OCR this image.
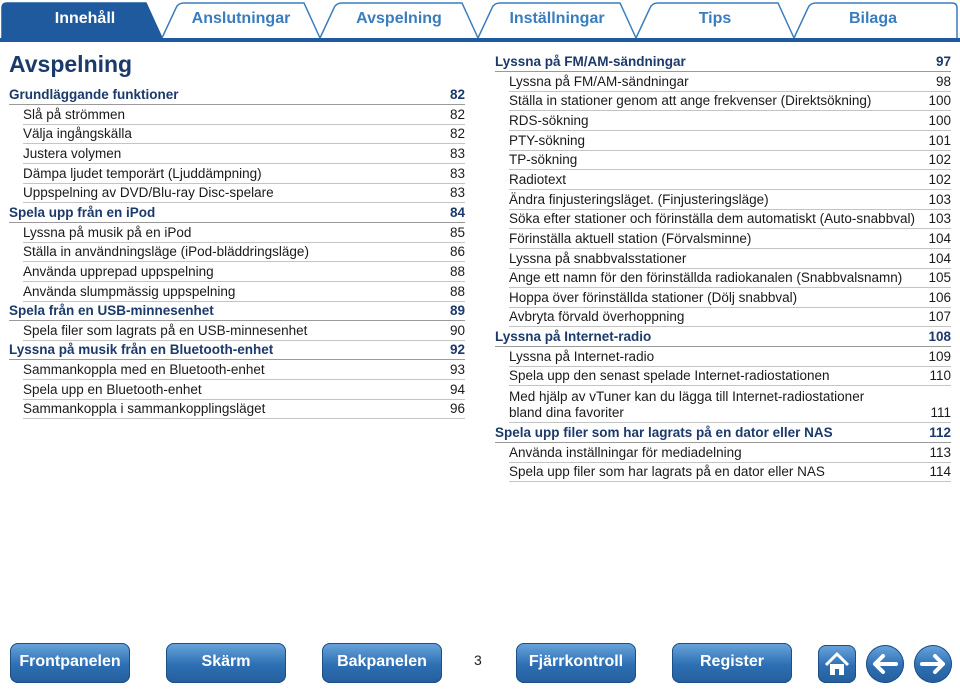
Innehåll	Anslutningar	Avspelning	Inställningar	Tips	Bilaga
Avspelning
Grundläggande funktioner	82
Slå på strömmen	82
Välja ingångskälla	82
Justera volymen	83
Dämpa ljudet temporärt (Ljuddämpning)	83
Uppspelning av DVD/Blu-ray Disc-spelare	83
Spela upp från en iPod	84
Lyssna på musik på en iPod	85
Ställa in användningsläge (iPod-bläddringsläge)	86
Använda upprepad uppspelning	88
Använda slumpmässig uppspelning	88
Spela från en USB-minnesenhet	89
Spela filer som lagrats på en USB-minnesenhet	90
Lyssna på musik från en Bluetooth-enhet	92
Sammankoppla med en Bluetooth-enhet	93
Spela upp en Bluetooth-enhet	94
Sammankoppla i sammankopplingsläget	96
Lyssna på FM/AM-sändningar	97
Lyssna på FM/AM-sändningar	98
Ställa in stationer genom att ange frekvenser (Direktsökning)	100
RDS-sökning	100
PTY-sökning	101
TP-sökning	102
Radiotext	102
Ändra finjusteringsläget. (Finjusteringsläge)	103
Söka efter stationer och förinställa dem automatiskt (Auto-snabbval) 103
Förinställa aktuell station (Förvalsminne)	104
Lyssna på snabbvalsstationer	104
Ange ett namn för den förinställda radiokanalen (Snabbvalsnamn) 105
Hoppa över förinställda stationer (Dölj snabbval)	106
Avbryta förvald överhoppning	107
Lyssna på Internet-radio	108
Lyssna på Internet-radio	109
Spela upp den senast spelade Internet-radiostationen	110
Med hjälp av vTuner kan du lägga till Internet-radiostationer bland dina favoriter	111
Spela upp filer som har lagrats på en dator eller NAS	112
Använda inställningar för mediadelning	113
Spela upp filer som har lagrats på en dator eller NAS	114
Frontpanelen	Skärm	Bakpanelen	3	Fjärrkontroll	Register
